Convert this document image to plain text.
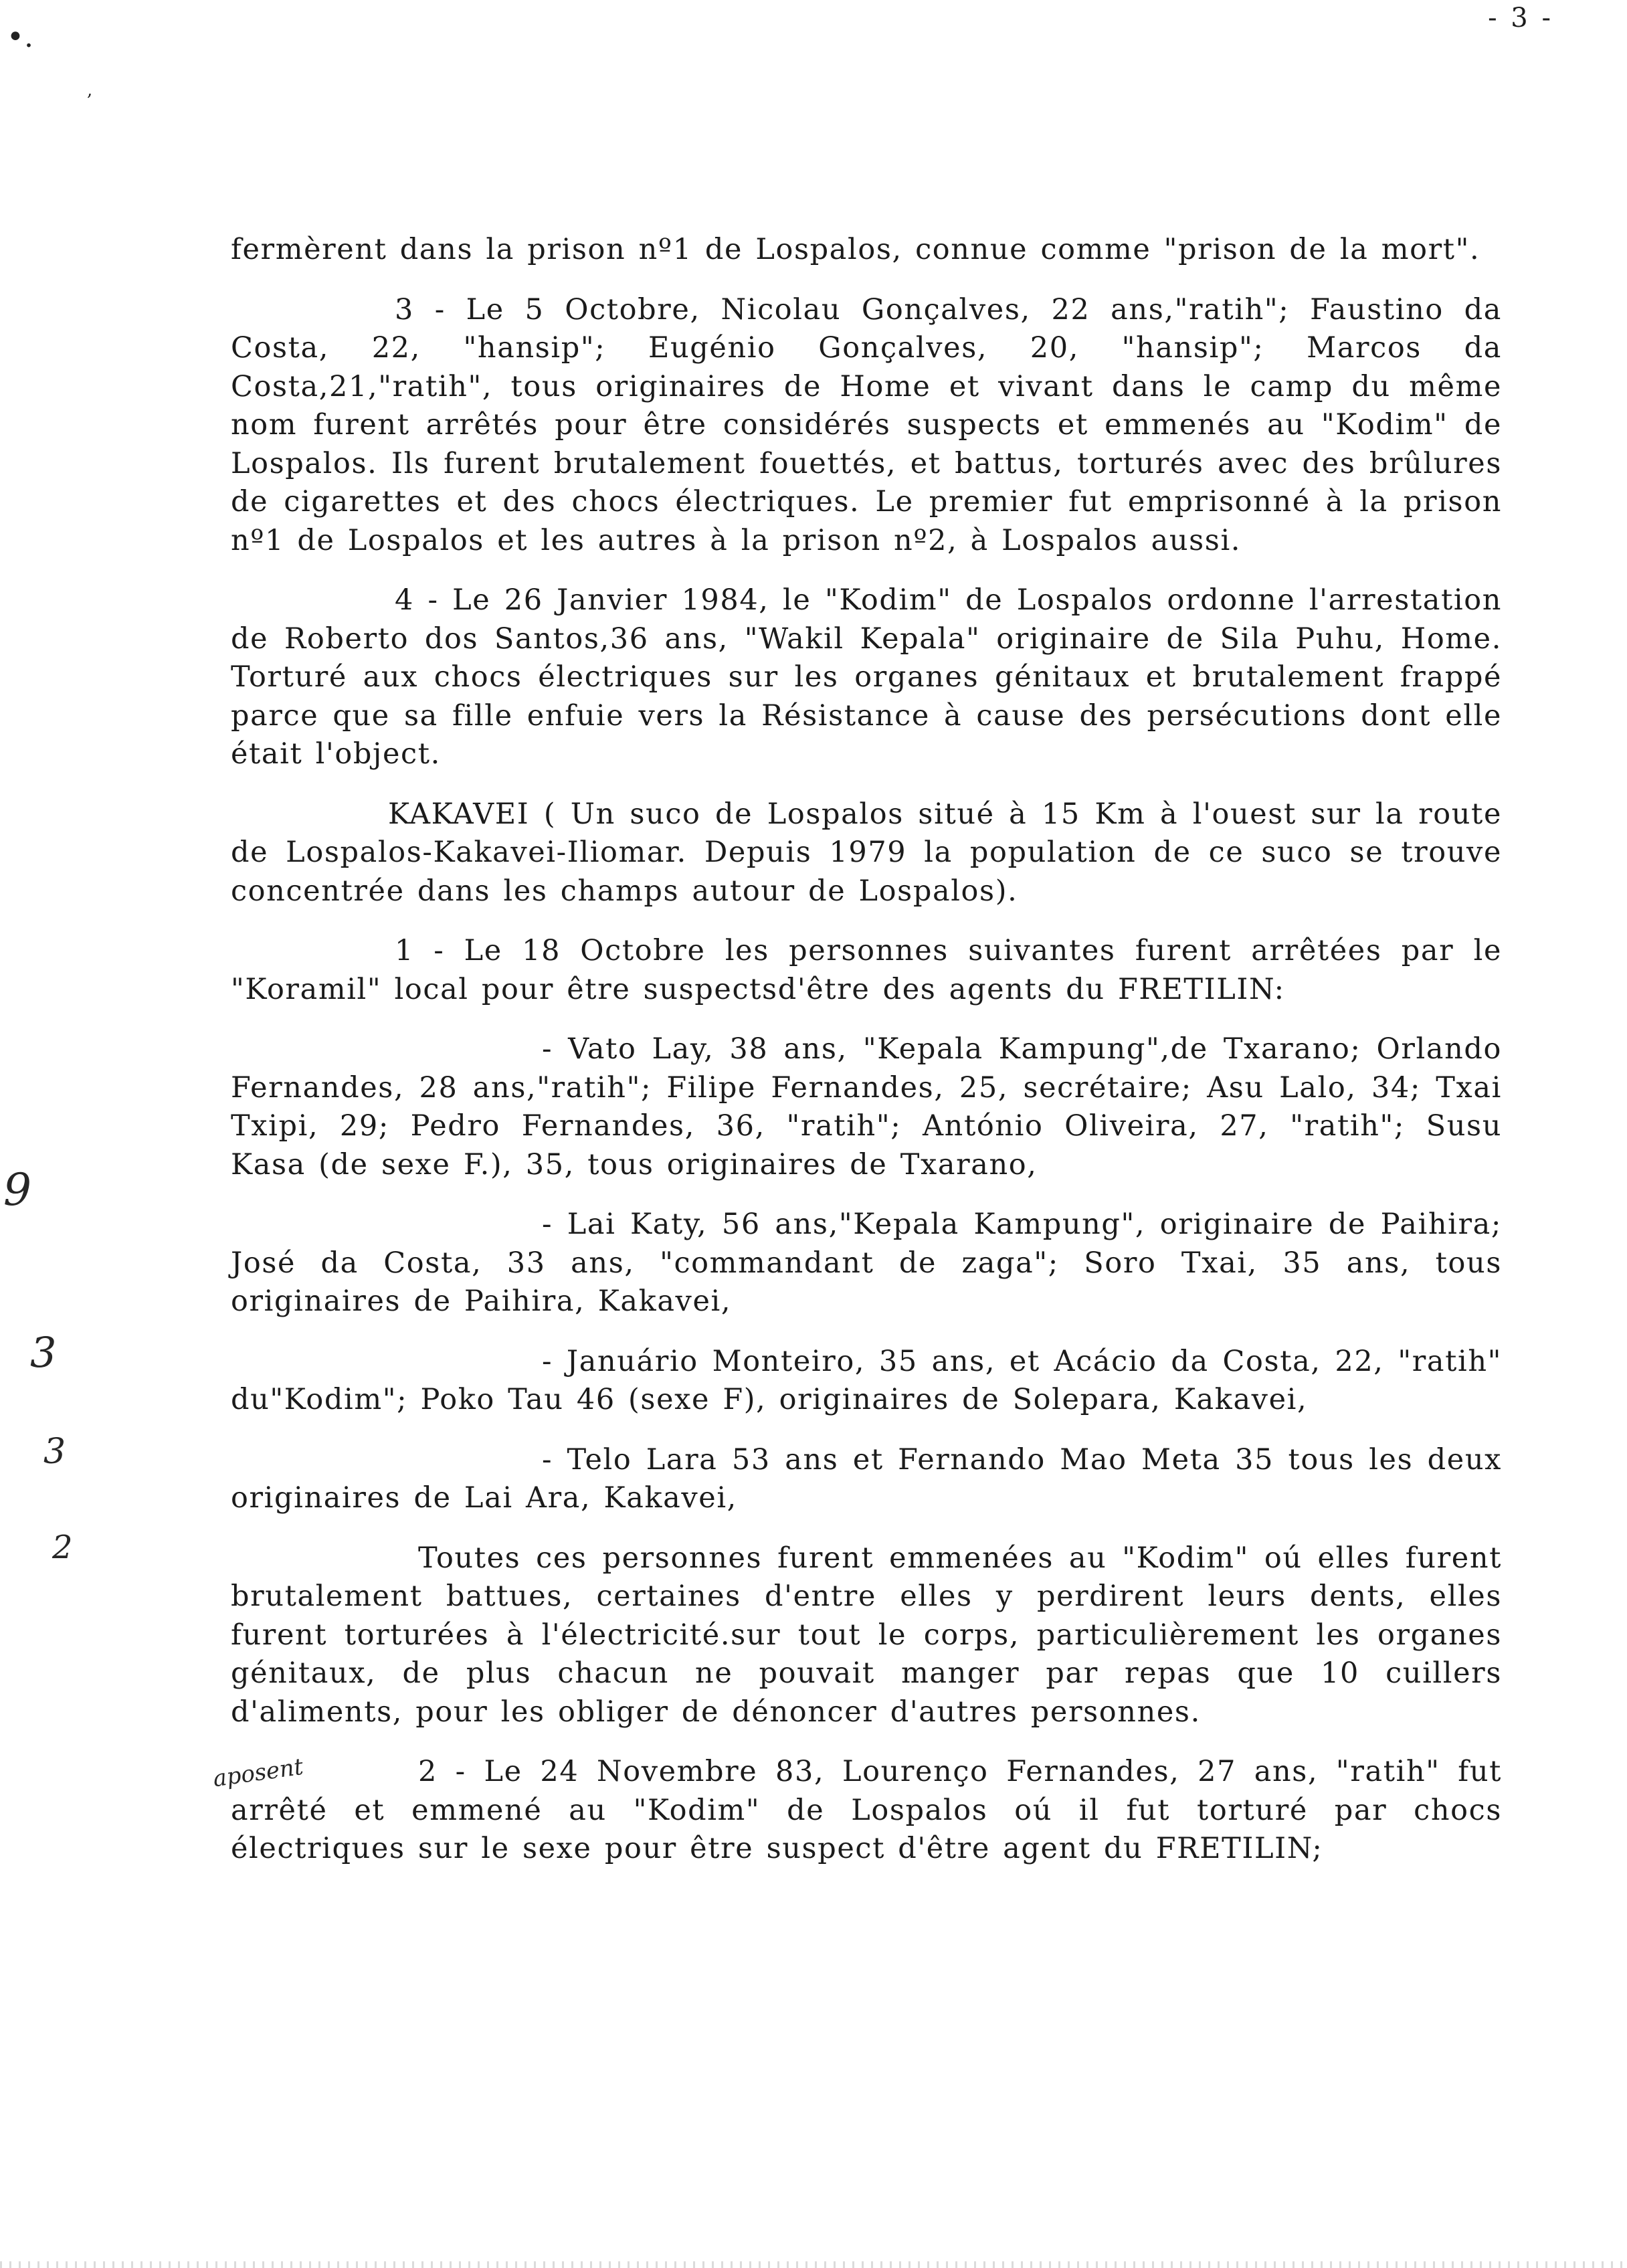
•.
,
- 3 -
9
3
3
2
aposent

fermèrent dans la prison nº1 de Lospalos, connue comme "prison de la mort".

3 - Le 5 Octobre, Nicolau Gonçalves, 22 ans,"ratih"; Faustino da Costa, 22, "hansip"; Eugénio Gonçalves, 20, "hansip"; Marcos da Costa,21,"ratih", tous originaires de Home et vivant dans le camp du même nom furent arrêtés pour être considérés suspects et emmenés au "Kodim" de Lospalos. Ils furent brutalement fouettés, et battus, torturés avec des brûlures de cigarettes et des chocs électriques. Le premier fut emprisonné à la prison nº1 de Lospalos et les autres à la prison nº2, à Lospalos aussi.

4 - Le 26 Janvier 1984, le "Kodim" de Lospalos ordonne l'arrestation de Roberto dos Santos,36 ans, "Wakil Kepala" originaire de Sila Puhu, Home. Torturé aux chocs électriques sur les organes génitaux et brutalement frappé parce que sa fille enfuie vers la Résistance à cause des persécutions dont elle était l'object.

KAKAVEI ( Un suco de Lospalos situé à 15 Km à l'ouest sur la route de Lospalos-Kakavei-Iliomar. Depuis 1979 la population de ce suco se trouve concentrée dans les champs autour de Lospalos).

1 - Le 18 Octobre les personnes suivantes furent arrêtées par le "Koramil" local pour être suspectsd'être des agents du FRETILIN:

- Vato Lay, 38 ans, "Kepala Kampung",de Txarano; Orlando Fernandes, 28 ans,"ratih"; Filipe Fernandes, 25, secrétaire; Asu Lalo, 34; Txai Txipi, 29; Pedro Fernandes, 36, "ratih"; António Oliveira, 27, "ratih"; Susu Kasa (de sexe F.), 35, tous originaires de Txarano,

- Lai Katy, 56 ans,"Kepala Kampung", originaire de Paihira; José da Costa, 33 ans, "commandant de zaga"; Soro Txai, 35 ans, tous originaires de Paihira, Kakavei,

- Januário Monteiro, 35 ans, et Acácio da Costa, 22, "ratih" du"Kodim"; Poko Tau 46 (sexe F), originaires de Solepara, Kakavei,

- Telo Lara 53 ans et Fernando Mao Meta 35 tous les deux originaires de Lai Ara, Kakavei,

Toutes ces personnes furent emmenées au "Kodim" oú elles furent brutalement battues, certaines d'entre elles y perdirent leurs dents, elles furent torturées à l'électricité.sur tout le corps, particulièrement les organes génitaux, de plus chacun ne pouvait manger par repas que 10 cuillers d'aliments, pour les obliger de dénoncer d'autres personnes.

2 - Le 24 Novembre 83, Lourenço Fernandes, 27 ans, "ratih" fut arrêté et emmené au "Kodim" de Lospalos oú il fut torturé par chocs électriques sur le sexe pour être suspect d'être agent du FRETILIN;
